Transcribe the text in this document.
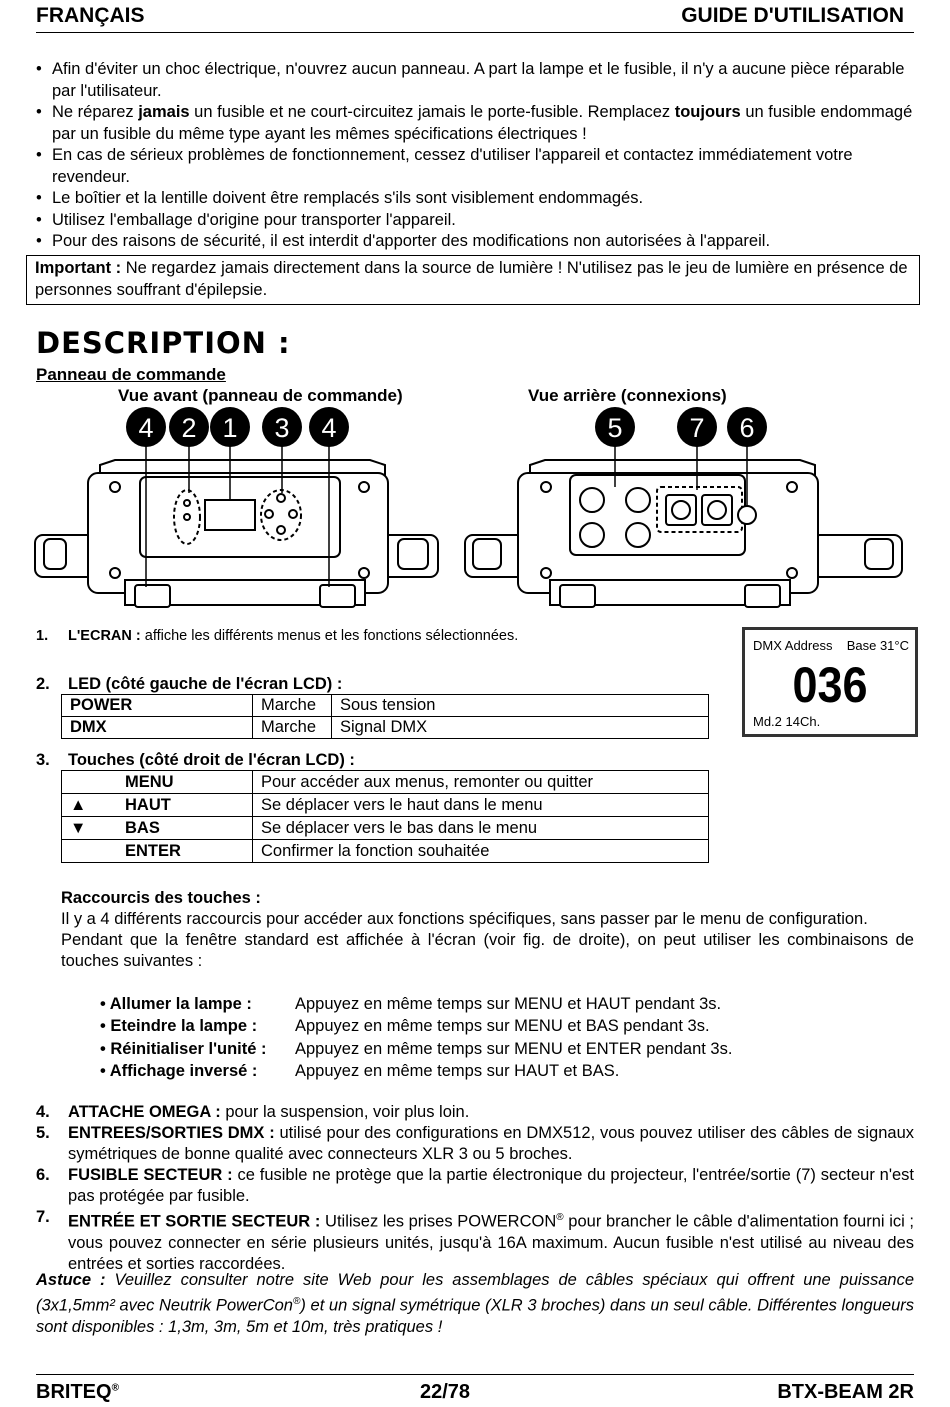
FRANÇAIS	GUIDE D'UTILISATION
• Afin d'éviter un choc électrique, n'ouvrez aucun panneau. A part la lampe et le fusible, il n'y a aucune pièce réparable par l'utilisateur.
• Ne réparez jamais un fusible et ne court-circuitez jamais le porte-fusible. Remplacez toujours un fusible endommagé par un fusible du même type ayant les mêmes spécifications électriques !
• En cas de sérieux problèmes de fonctionnement, cessez d'utiliser l'appareil et contactez immédiatement votre revendeur.
• Le boîtier et la lentille doivent être remplacés s'ils sont visiblement endommagés.
• Utilisez l'emballage d'origine pour transporter l'appareil.
• Pour des raisons de sécurité, il est interdit d'apporter des modifications non autorisées à l'appareil.
Important : Ne regardez jamais directement dans la source de lumière ! N'utilisez pas le jeu de lumière en présence de personnes souffrant d'épilepsie.
DESCRIPTION :
Panneau de commande
Vue avant (panneau de commande)	Vue arrière (connexions)
4 2 1 3 4	5 7 6
1. L'ECRAN : affiche les différents menus et les fonctions sélectionnées.
2. LED (côté gauche de l'écran LCD) :
POWER	Marche	Sous tension
DMX	Marche	Signal DMX
DMX Address Base 31°C
036
Md.2 14Ch.
3. Touches (côté droit de l'écran LCD) :
MENU	Pour accéder aux menus, remonter ou quitter
▲ HAUT	Se déplacer vers le haut dans le menu
▼ BAS	Se déplacer vers le bas dans le menu
ENTER	Confirmer la fonction souhaitée

Raccourcis des touches :

Il y a 4 différents raccourcis pour accéder aux fonctions spécifiques, sans passer par le menu de configuration.

Pendant que la fenêtre standard est affichée à l'écran (voir fig. de droite), on peut utiliser les combinaisons de touches suivantes :

• Allumer la lampe :	Appuyez en même temps sur MENU et HAUT pendant 3s.
• Eteindre la lampe : Appuyez en même temps sur MENU et BAS pendant 3s.
• Réinitialiser l'unité : Appuyez en même temps sur MENU et ENTER pendant 3s.
• Affichage inversé : Appuyez en même temps sur HAUT et BAS.
4.	ATTACHE OMEGA : pour la suspension, voir plus loin.
5.	ENTREES/SORTIES DMX : utilisé pour des configurations en DMX512, vous pouvez utiliser des câbles de signaux symétriques de bonne qualité avec connecteurs XLR 3 ou 5 broches.
6.	FUSIBLE SECTEUR : ce fusible ne protège que la partie électronique du projecteur, l'entrée/sortie (7) secteur n'est pas protégée par fusible.
7.	ENTRÉE ET SORTIE SECTEUR : Utilisez les prises POWERCON® pour brancher le câble d'alimentation fourni ici ; vous pouvez connecter en série plusieurs unités, jusqu'à 16A maximum. Aucun fusible n'est utilisé au niveau des entrées et sorties raccordées.
Astuce : Veuillez consulter notre site Web pour les assemblages de câbles spéciaux qui offrent une puissance (3x1,5mm² avec Neutrik PowerCon®) et un signal symétrique (XLR 3 broches) dans un seul câble. Différentes longueurs sont disponibles : 1,3m, 3m, 5m et 10m, très pratiques !
BRITEQ®	22/78	BTX-BEAM 2R
